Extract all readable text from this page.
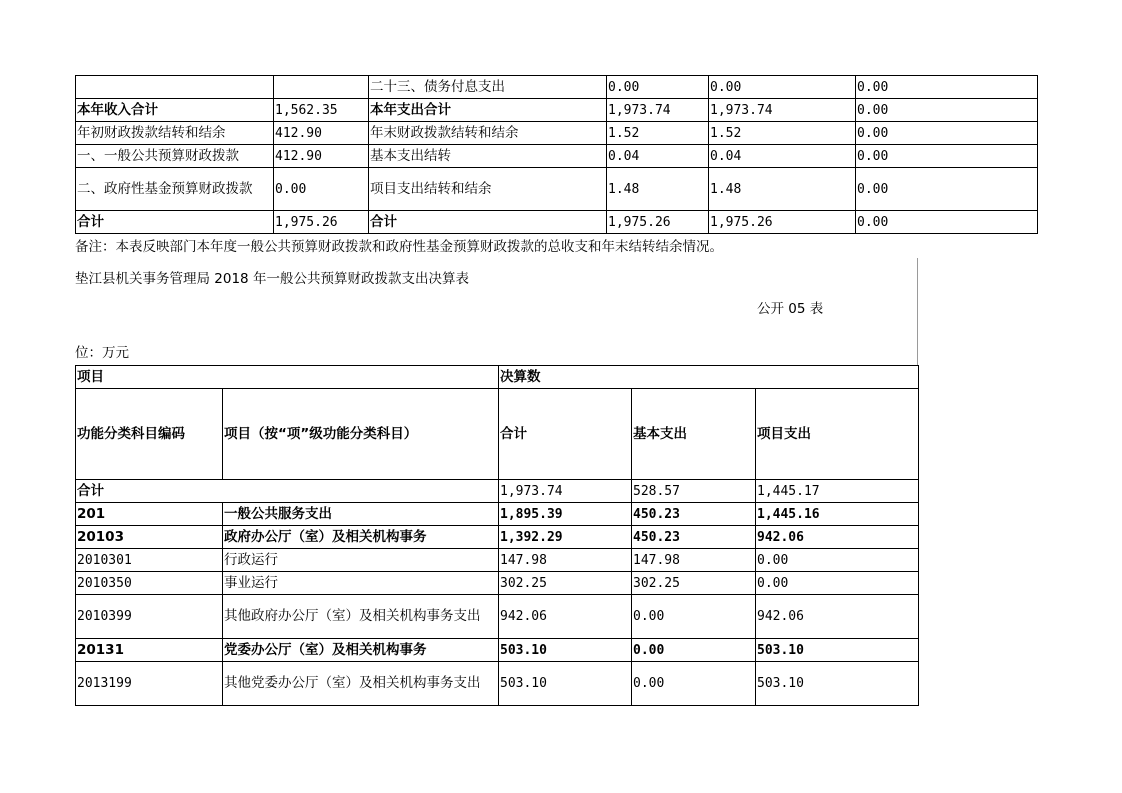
		二十三、债务付息支出	0.00	0.00	0.00
本年收入合计	1,562.35	本年支出合计	1,973.74	1,973.74	0.00
年初财政拨款结转和结余	412.90	年末财政拨款结转和结余	1.52	1.52	0.00
一、一般公共预算财政拨款	412.90	基本支出结转	0.04	0.04	0.00
二、政府性基金预算财政拨款	0.00	项目支出结转和结余	1.48	1.48	0.00
合计	1,975.26	合计	1,975.26	1,975.26	0.00
备注：本表反映部门本年度一般公共预算财政拨款和政府性基金预算财政拨款的总收支和年末结转结余情况。
垫江县机关事务管理局 2018 年一般公共预算财政拨款支出决算表
公开 05 表
位：万元
项目		决算数		
功能分类科目编码	项目（按“项”级功能分类科目）	合计	基本支出	项目支出
合计		1,973.74	528.57	1,445.17
201	一般公共服务支出	1,895.39	450.23	1,445.16
20103	政府办公厅（室）及相关机构事务	1,392.29	450.23	942.06
2010301	行政运行	147.98	147.98	0.00
2010350	事业运行	302.25	302.25	0.00
2010399	其他政府办公厅（室）及相关机构事务支出	942.06	0.00	942.06
20131	党委办公厅（室）及相关机构事务	503.10	0.00	503.10
2013199	其他党委办公厅（室）及相关机构事务支出	503.10	0.00	503.10
